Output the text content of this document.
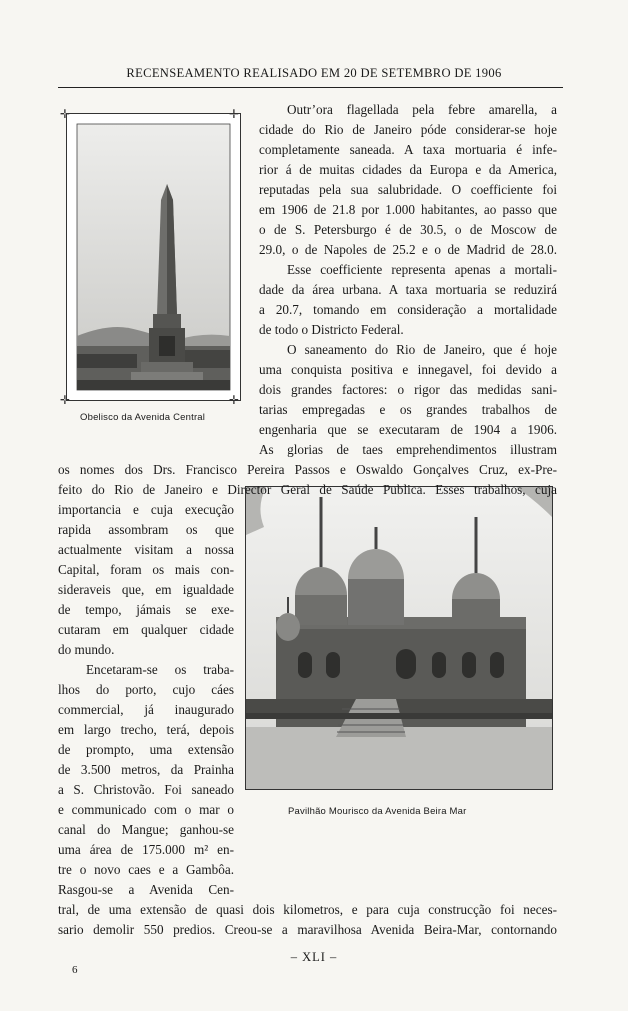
RECENSEAMENTO REALISADO EM 20 DE SETEMBRO DE 1906
✛	✛
✛	✛
Obelisco da Avenida Central
Pavilhão Mourisco da Avenida Beira Mar
Outr’ora flagellada pela febre amarella, a
cidade do Rio de Janeiro póde considerar-se hoje
completamente saneada. A taxa mortuaria é infe-
rior á de muitas cidades da Europa e da America,
reputadas pela sua salubridade. O coefficiente foi
em 1906 de 21.8 por 1.000 habitantes, ao passo que
o de S. Petersburgo é de 30.5, o de Moscow de
29.0, o de Napoles de 25.2 e o de Madrid de 28.0.
Esse coefficiente representa apenas a mortali-
dade da área urbana. A taxa mortuaria se reduzirá
a 20.7, tomando em consideração a mortalidade
de todo o Districto Federal.
O saneamento do Rio de Janeiro, que é hoje
uma conquista positiva e innegavel, foi devido a
dois grandes factores: o rigor das medidas sani-
tarias empregadas e os grandes trabalhos de
engenharia que se executaram de 1904 a 1906.
As glorias de taes emprehendimentos illustram
os nomes dos Drs. Francisco Pereira Passos e Oswaldo Gonçalves Cruz, ex-Pre-
feito do Rio de Janeiro e Director Geral de Saúde Publica. Esses trabalhos, cuja
importancia e cuja execução
rapida assombram os que
actualmente visitam a nossa
Capital, foram os mais con-
sideraveis que, em igualdade
de tempo, jámais se exe-
cutaram em qualquer cidade
do mundo.
Encetaram-se os traba-
lhos do porto, cujo cáes
commercial, já inaugurado
em largo trecho, terá, depois
de prompto, uma extensão
de 3.500 metros, da Prainha
a S. Christovão. Foi saneado
e communicado com o mar o
canal do Mangue; ganhou-se
uma área de 175.000 m² en-
tre o novo caes e a Gambôa.
Rasgou-se a Avenida Cen-
tral, de uma extensão de quasi dois kilometros, e para cuja construcção foi neces-
sario demolir 550 predios. Creou-se a maravilhosa Avenida Beira-Mar, contornando
– XLI –
6
